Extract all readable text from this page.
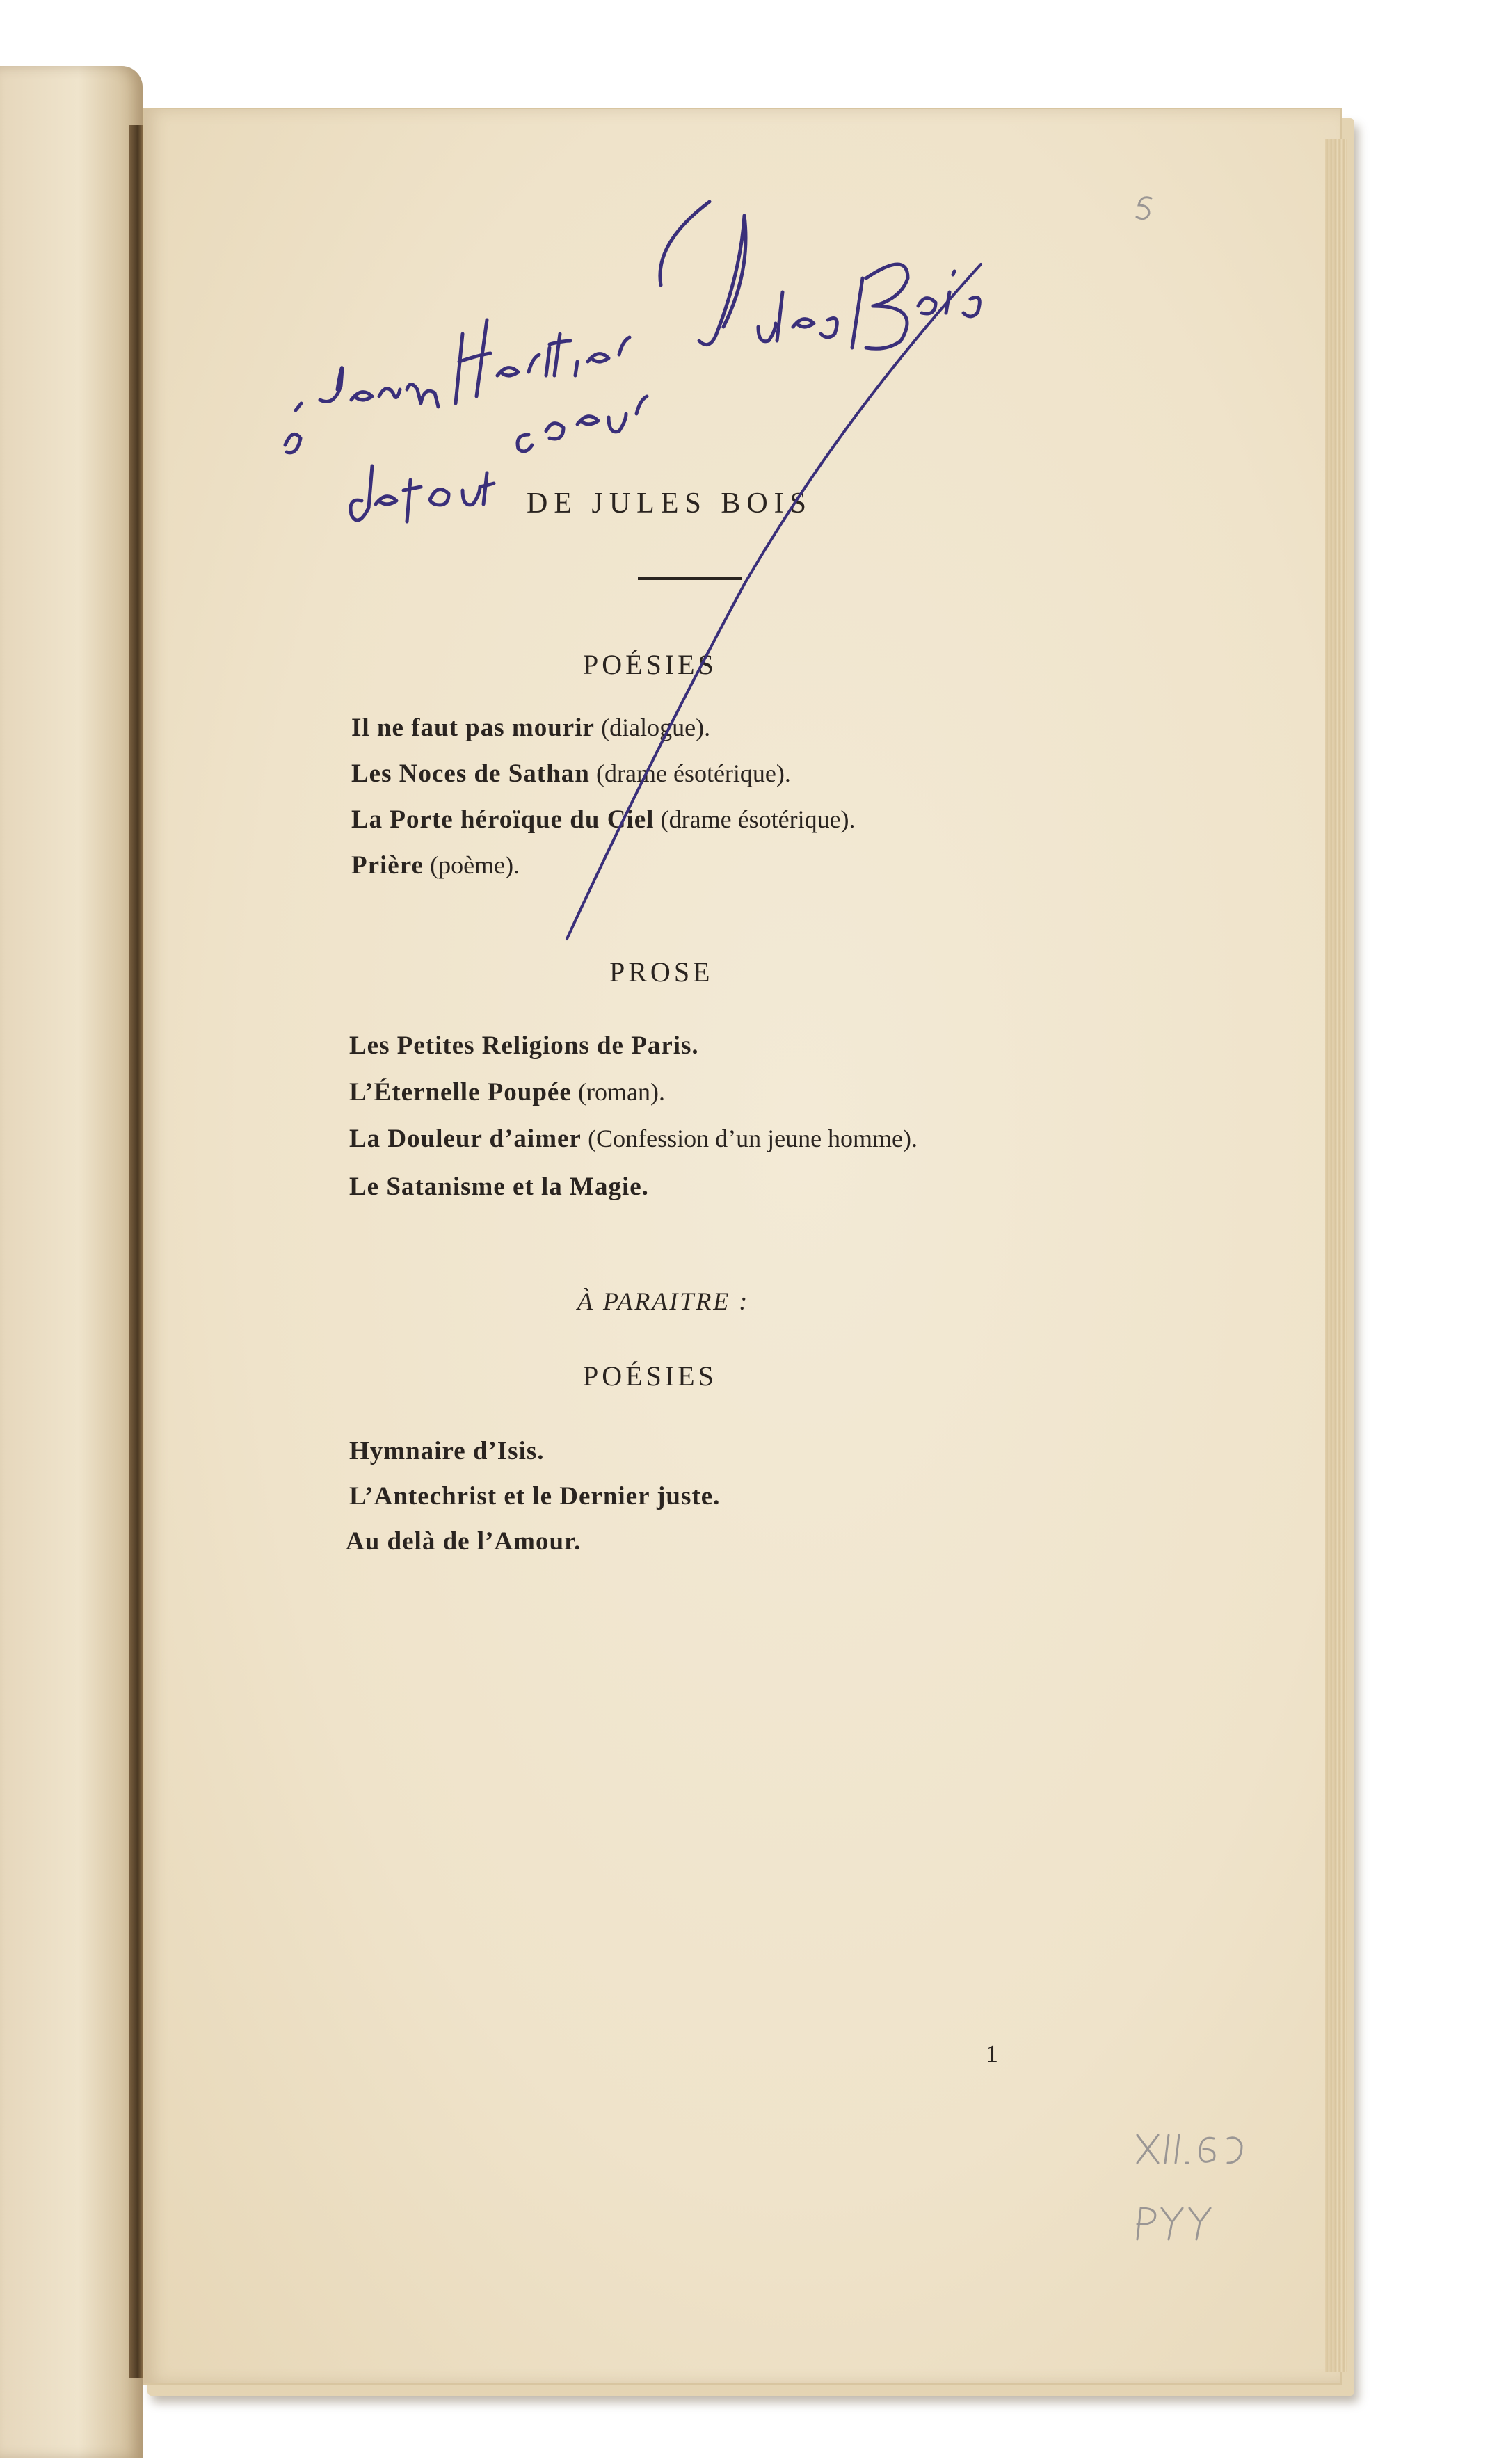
DE JULES BOIS
POÉSIES
Il ne faut pas mourir (dialogue).
Les Noces de Sathan (drame ésotérique).
La Porte héroïque du Ciel (drame ésotérique).
Prière (poème).
PROSE
Les Petites Religions de Paris.
L’Éternelle Poupée (roman).
La Douleur d’aimer (Confession d’un jeune homme).
Le Satanisme et la Magie.
À PARAITRE :
POÉSIES
Hymnaire d’Isis.
L’Antechrist et le Dernier juste.
Au delà de l’Amour.
1
